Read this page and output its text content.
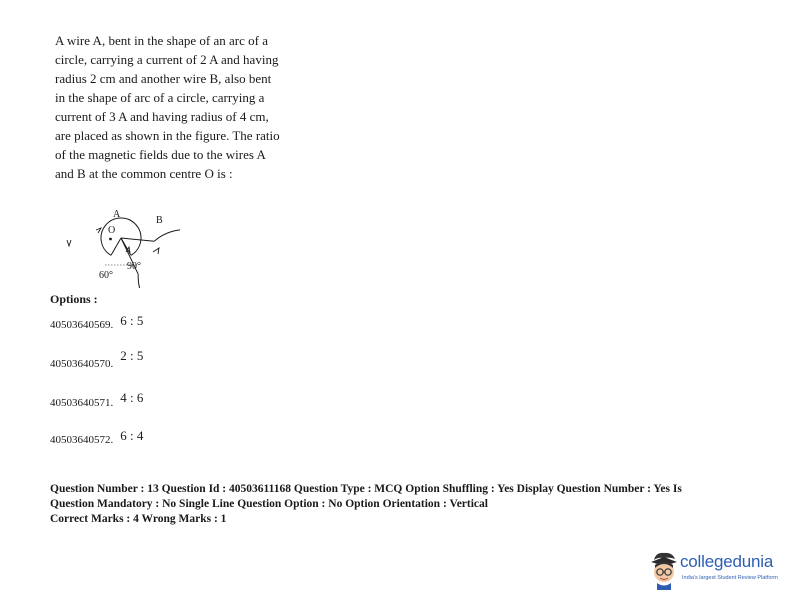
A wire A, bent in the shape of an arc of a
circle, carrying a current of 2 A and having
radius 2 cm and another wire B, also bent
in the shape of arc of a circle, carrying a
current of 3 A and having radius of 4 cm,
are placed as shown in the figure. The ratio
of the magnetic fields due to the wires A
and B at the common centre O is :
A
B
O
60°
90°
Options :
40503640569. 6 : 5
40503640570. 2 : 5
40503640571. 4 : 6
40503640572. 6 : 4
Question Number : 13 Question Id : 40503611168 Question Type : MCQ Option Shuffling : Yes Display Question Number : Yes Is
Question Mandatory : No Single Line Question Option : No Option Orientation : Vertical
Correct Marks : 4 Wrong Marks : 1
collegedunia
India's largest Student Review Platform
